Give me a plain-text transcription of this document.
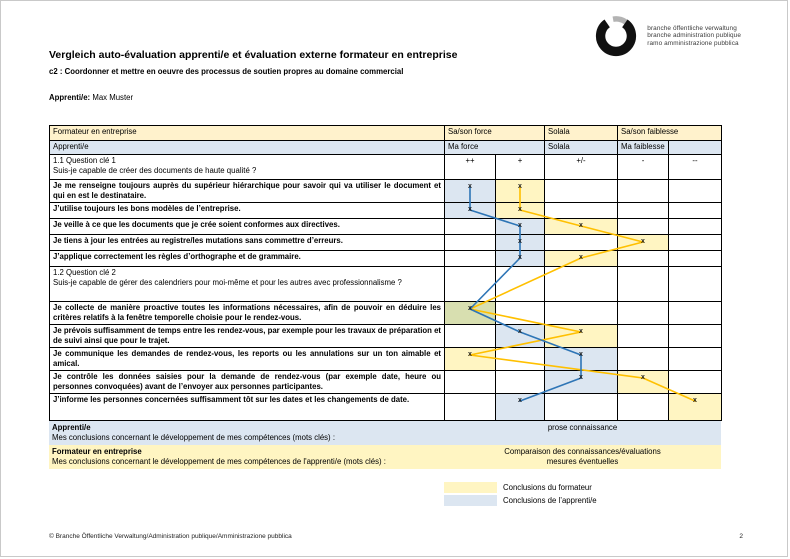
branche öffentliche verwaltung
branche administration publique
ramo amministrazione pubblica
Vergleich auto-évaluation apprenti/e et évaluation externe formateur en entreprise
c2 : Coordonner et mettre en oeuvre des processus de soutien propres au domaine commercial
Apprenti/e: Max Muster
Formateur en entreprise	Sa/son force		Solala	Sa/son faiblesse	
Apprenti/e	Ma force		Solala	Ma faiblesse	

1.1 Question clé 1
Suis-je capable de créer des documents de haute qualité ?	++	+	+/-	-	--

Je me renseigne toujours auprès du supérieur hiérarchique pour savoir qui va utiliser le document et qui en est le destinataire.	x	x			

J’utilise toujours les bons modèles de l’entreprise.	x	x			

Je veille à ce que les documents que je crée soient conformes aux directives.		x	x		

Je tiens à jour les entrées au registre/les mutations sans commettre d’erreurs.		x		x	

J’applique correctement les règles d’orthographe et de grammaire.		x	x		

1.2 Question clé 2
Suis-je capable de gérer des calendriers pour moi-même et pour les autres avec professionnalisme ?					

Je collecte de manière proactive toutes les informations nécessaires, afin de pouvoir en déduire les critères relatifs à la fenêtre temporelle choisie pour le rendez-vous.	x				

Je prévois suffisamment de temps entre les rendez-vous, par exemple pour les travaux de préparation et de suivi ainsi que pour le trajet.		x	x		

Je communique les demandes de rendez-vous, les reports ou les annulations sur un ton aimable et amical.	x		x		

Je contrôle les données saisies pour la demande de rendez-vous (par exemple date, heure ou personnes convoquées) avant de l’envoyer aux personnes participantes.			x	x	

J’informe les personnes concernées suffisamment tôt sur les dates et les changements de date.		x			x
Apprenti/e
Mes conclusions concernant le développement de mes compétences (mots clés) :
prose connaissance
Formateur en entreprise
Mes conclusions concernant le développement de mes compétences de l'apprenti/e (mots clés) :
Comparaison des connaissances/évaluations
mesures éventuelles
Conclusions du formateur
Conclusions de l’apprenti/e
© Branche Öffentliche Verwaltung/Administration publique/Amministrazione pubblica	2
